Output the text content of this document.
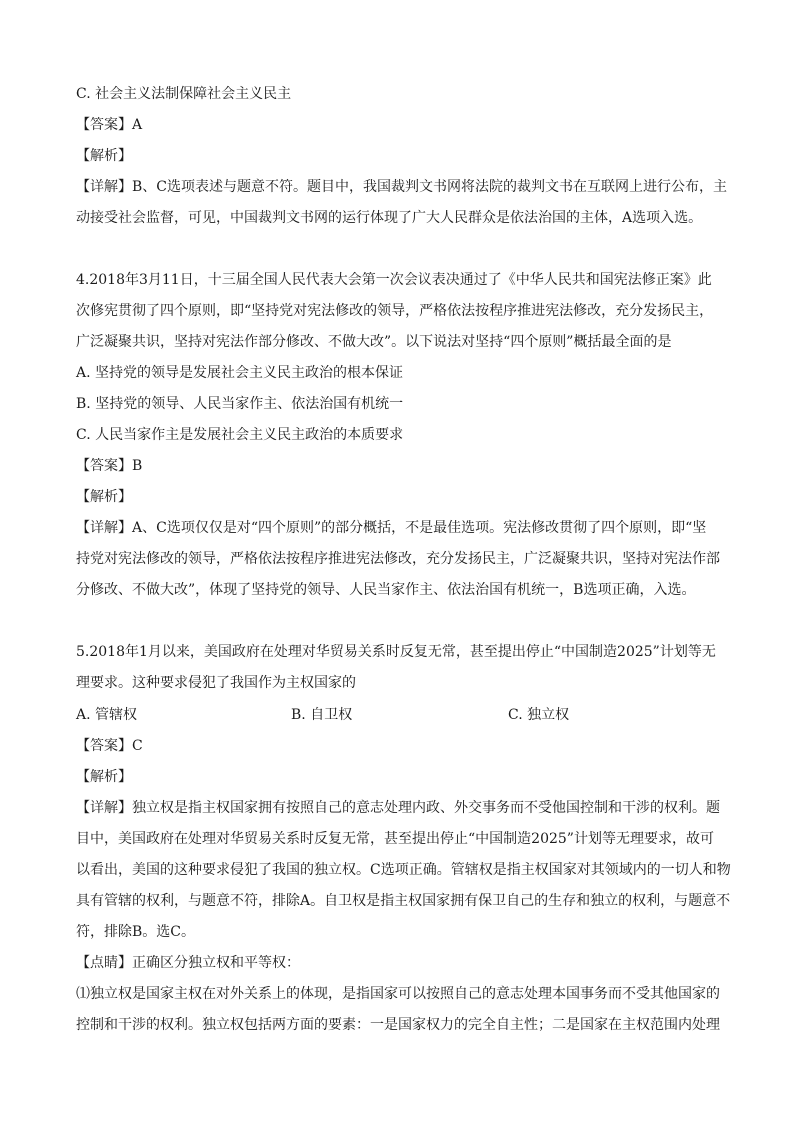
C. 社会主义法制保障社会主义民主
【答案】A
【解析】
【详解】B、C选项表述与题意不符。题目中，我国裁判文书网将法院的裁判文书在互联网上进行公布，主
动接受社会监督，可见，中国裁判文书网的运行体现了广大人民群众是依法治国的主体，A选项入选。
4.2018年3月11日，十三届全国人民代表大会第一次会议表决通过了《中华人民共和国宪法修正案》此
次修宪贯彻了四个原则，即“坚持党对宪法修改的领导，严格依法按程序推进宪法修改，充分发扬民主，
广泛凝聚共识，坚持对宪法作部分修改、不做大改”。以下说法对坚持“四个原则”概括最全面的是
A. 坚持党的领导是发展社会主义民主政治的根本保证
B. 坚持党的领导、人民当家作主、依法治国有机统一
C. 人民当家作主是发展社会主义民主政治的本质要求
【答案】B
【解析】
【详解】A、C选项仅仅是对“四个原则”的部分概括，不是最佳选项。宪法修改贯彻了四个原则，即“坚
持党对宪法修改的领导，严格依法按程序推进宪法修改，充分发扬民主，广泛凝聚共识，坚持对宪法作部
分修改、不做大改”，体现了坚持党的领导、人民当家作主、依法治国有机统一，B选项正确，入选。
5.2018年1月以来，美国政府在处理对华贸易关系时反复无常，甚至提出停止“中国制造2025”计划等无
理要求。这种要求侵犯了我国作为主权国家的
A. 管辖权	B. 自卫权	C. 独立权
【答案】C
【解析】
【详解】独立权是指主权国家拥有按照自己的意志处理内政、外交事务而不受他国控制和干涉的权利。题
目中，美国政府在处理对华贸易关系时反复无常，甚至提出停止“中国制造2025”计划等无理要求，故可
以看出，美国的这种要求侵犯了我国的独立权。C选项正确。管辖权是指主权国家对其领域内的一切人和物
具有管辖的权利，与题意不符，排除A。自卫权是指主权国家拥有保卫自己的生存和独立的权利，与题意不
符，排除B。选C。
【点睛】正确区分独立权和平等权：
⑴独立权是国家主权在对外关系上的体现，是指国家可以按照自己的意志处理本国事务而不受其他国家的
控制和干涉的权利。独立权包括两方面的要素：一是国家权力的完全自主性；二是国家在主权范围内处理
